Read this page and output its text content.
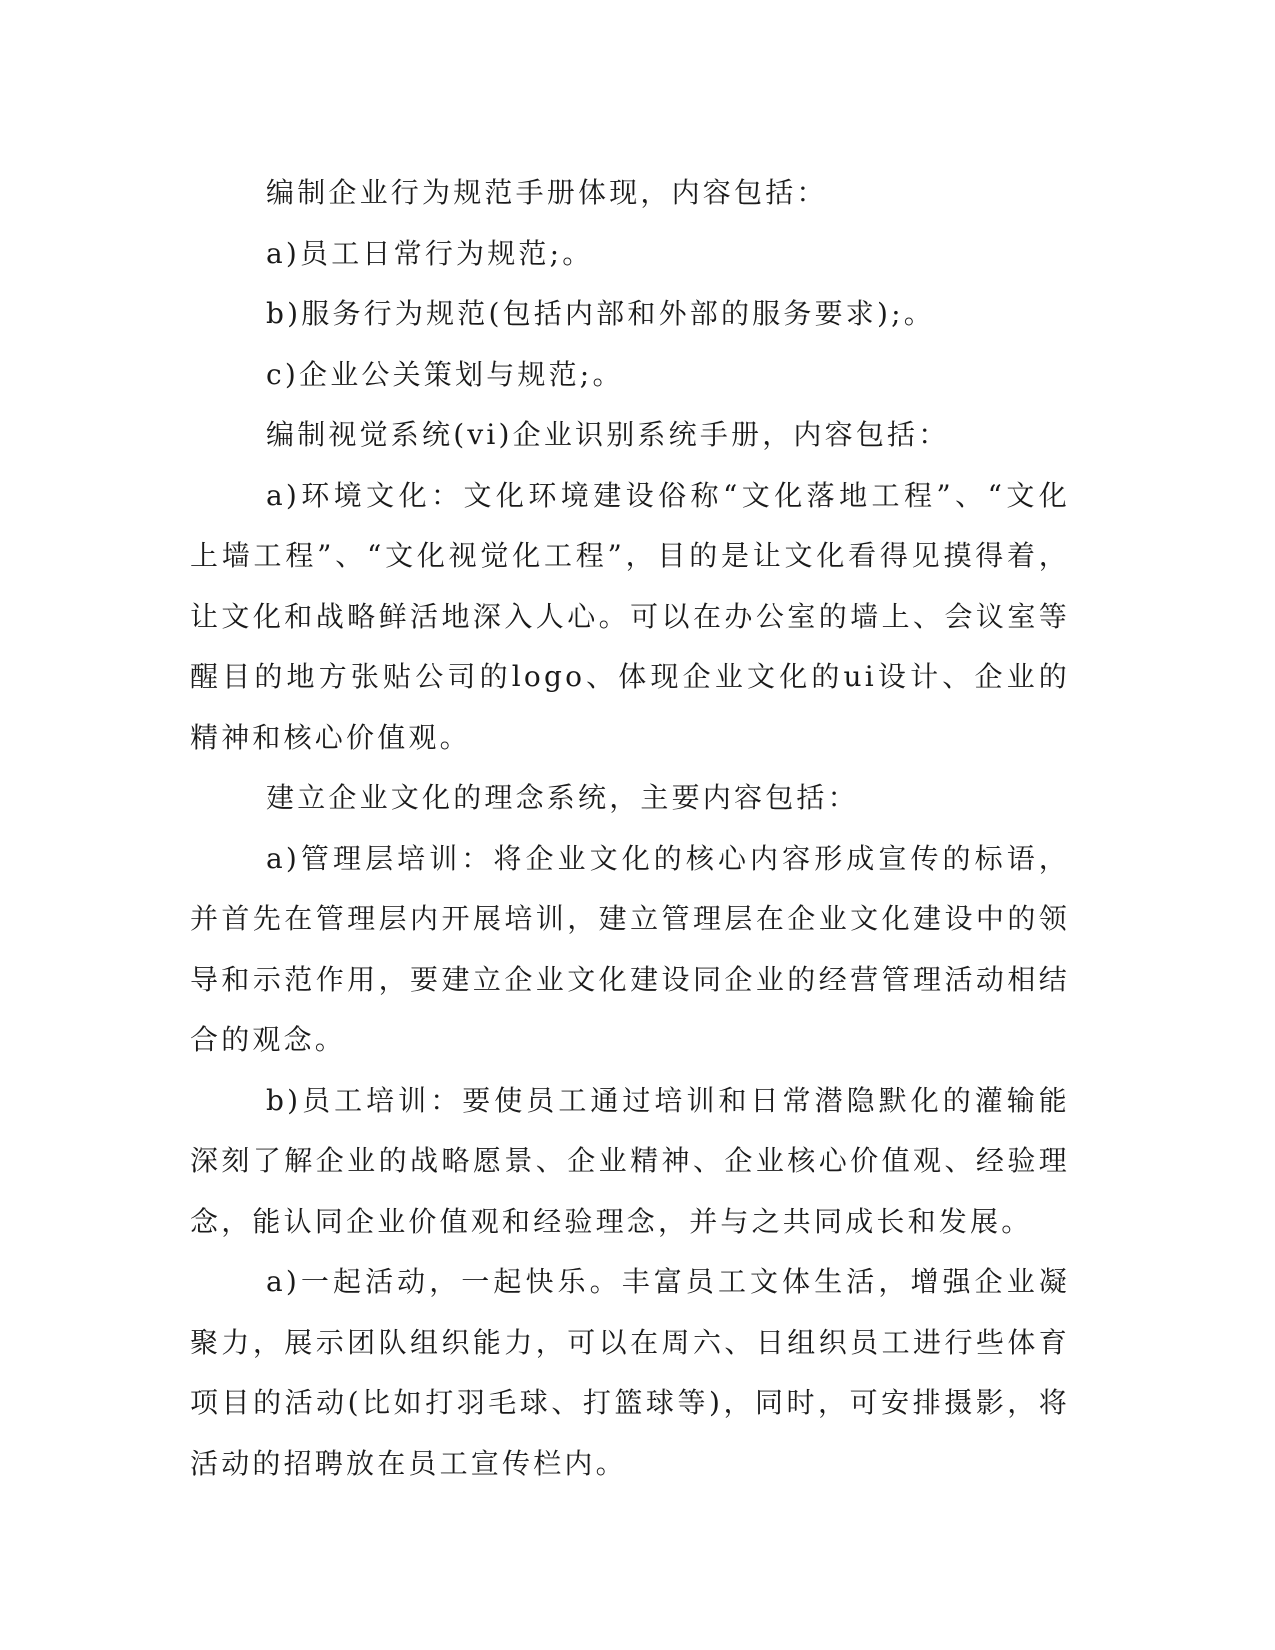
编制企业行为规范手册体现，内容包括：

a)员工日常行为规范;。

b)服务行为规范(包括内部和外部的服务要求);。

c)企业公关策划与规范;。

编制视觉系统(vi)企业识别系统手册，内容包括：

a)环境文化：文化环境建设俗称“文化落地工程”、“文化上墙工程”、“文化视觉化工程”，目的是让文化看得见摸得着，让文化和战略鲜活地深入人心。可以在办公室的墙上、会议室等醒目的地方张贴公司的logo、体现企业文化的ui设计、企业的精神和核心价值观。

建立企业文化的理念系统，主要内容包括：

a)管理层培训：将企业文化的核心内容形成宣传的标语，并首先在管理层内开展培训，建立管理层在企业文化建设中的领导和示范作用，要建立企业文化建设同企业的经营管理活动相结合的观念。

b)员工培训：要使员工通过培训和日常潜隐默化的灌输能深刻了解企业的战略愿景、企业精神、企业核心价值观、经验理念，能认同企业价值观和经验理念，并与之共同成长和发展。

a)一起活动，一起快乐。丰富员工文体生活，增强企业凝聚力，展示团队组织能力，可以在周六、日组织员工进行些体育项目的活动(比如打羽毛球、打篮球等)，同时，可安排摄影，将活动的招聘放在员工宣传栏内。
